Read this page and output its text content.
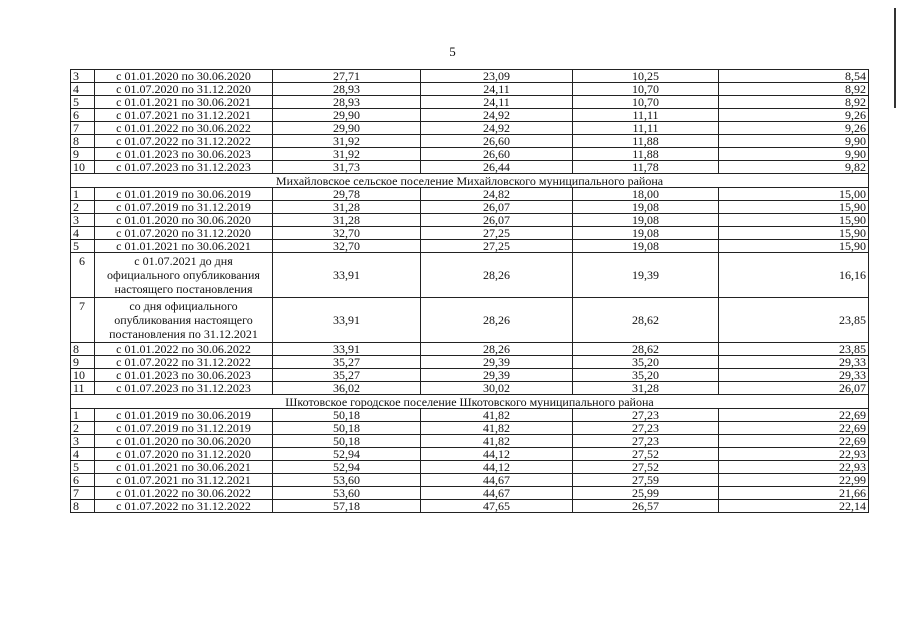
5
3	с 01.01.2020 по 30.06.2020	27,71	23,09	10,25	8,54
4	с 01.07.2020 по 31.12.2020	28,93	24,11	10,70	8,92
5	с 01.01.2021 по 30.06.2021	28,93	24,11	10,70	8,92
6	с 01.07.2021 по 31.12.2021	29,90	24,92	11,11	9,26
7	с 01.01.2022 по 30.06.2022	29,90	24,92	11,11	9,26
8	с 01.07.2022 по 31.12.2022	31,92	26,60	11,88	9,90
9	с 01.01.2023 по 30.06.2023	31,92	26,60	11,88	9,90
10	с 01.07.2023 по 31.12.2023	31,73	26,44	11,78	9,82
Михайловское сельское поселение Михайловского муниципального района					
1	с 01.01.2019 по 30.06.2019	29,78	24,82	18,00	15,00
2	с 01.07.2019 по 31.12.2019	31,28	26,07	19,08	15,90
3	с 01.01.2020 по 30.06.2020	31,28	26,07	19,08	15,90
4	с 01.07.2020 по 31.12.2020	32,70	27,25	19,08	15,90
5	с 01.01.2021 по 30.06.2021	32,70	27,25	19,08	15,90
6	с 01.07.2021 до дня официального опубликования настоящего постановления	33,91	28,26	19,39	16,16
7	со дня официального опубликования настоящего постановления по 31.12.2021	33,91	28,26	28,62	23,85
8	с 01.01.2022 по 30.06.2022	33,91	28,26	28,62	23,85
9	с 01.07.2022 по 31.12.2022	35,27	29,39	35,20	29,33
10	с 01.01.2023 по 30.06.2023	35,27	29,39	35,20	29,33
11	с 01.07.2023 по 31.12.2023	36,02	30,02	31,28	26,07
Шкотовское городское поселение Шкотовского муниципального района					
1	с 01.01.2019 по 30.06.2019	50,18	41,82	27,23	22,69
2	с 01.07.2019 по 31.12.2019	50,18	41,82	27,23	22,69
3	с 01.01.2020 по 30.06.2020	50,18	41,82	27,23	22,69
4	с 01.07.2020 по 31.12.2020	52,94	44,12	27,52	22,93
5	с 01.01.2021 по 30.06.2021	52,94	44,12	27,52	22,93
6	с 01.07.2021 по 31.12.2021	53,60	44,67	27,59	22,99
7	с 01.01.2022 по 30.06.2022	53,60	44,67	25,99	21,66
8	с 01.07.2022 по 31.12.2022	57,18	47,65	26,57	22,14
